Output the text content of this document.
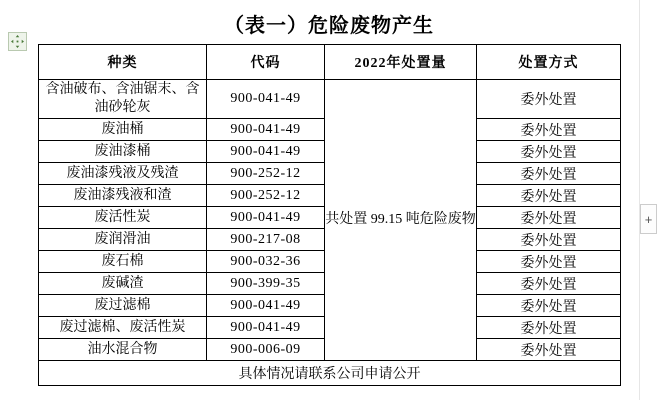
（表一）危险废物产生
种类	代码	2022年处置量	处置方式
含油破布、含油锯末、含油砂轮灰	900-041-49	共处置 99.15 吨危险废物	委外处置
废油桶	900-041-49		委外处置
废油漆桶	900-041-49		委外处置
废油漆残液及残渣	900-252-12		委外处置
废油漆残液和渣	900-252-12		委外处置
废活性炭	900-041-49		委外处置
废润滑油	900-217-08		委外处置
废石棉	900-032-36		委外处置
废碱渣	900-399-35		委外处置
废过滤棉	900-041-49		委外处置
废过滤棉、废活性炭	900-041-49		委外处置
油水混合物	900-006-09		委外处置
具体情况请联系公司申请公开			
+
